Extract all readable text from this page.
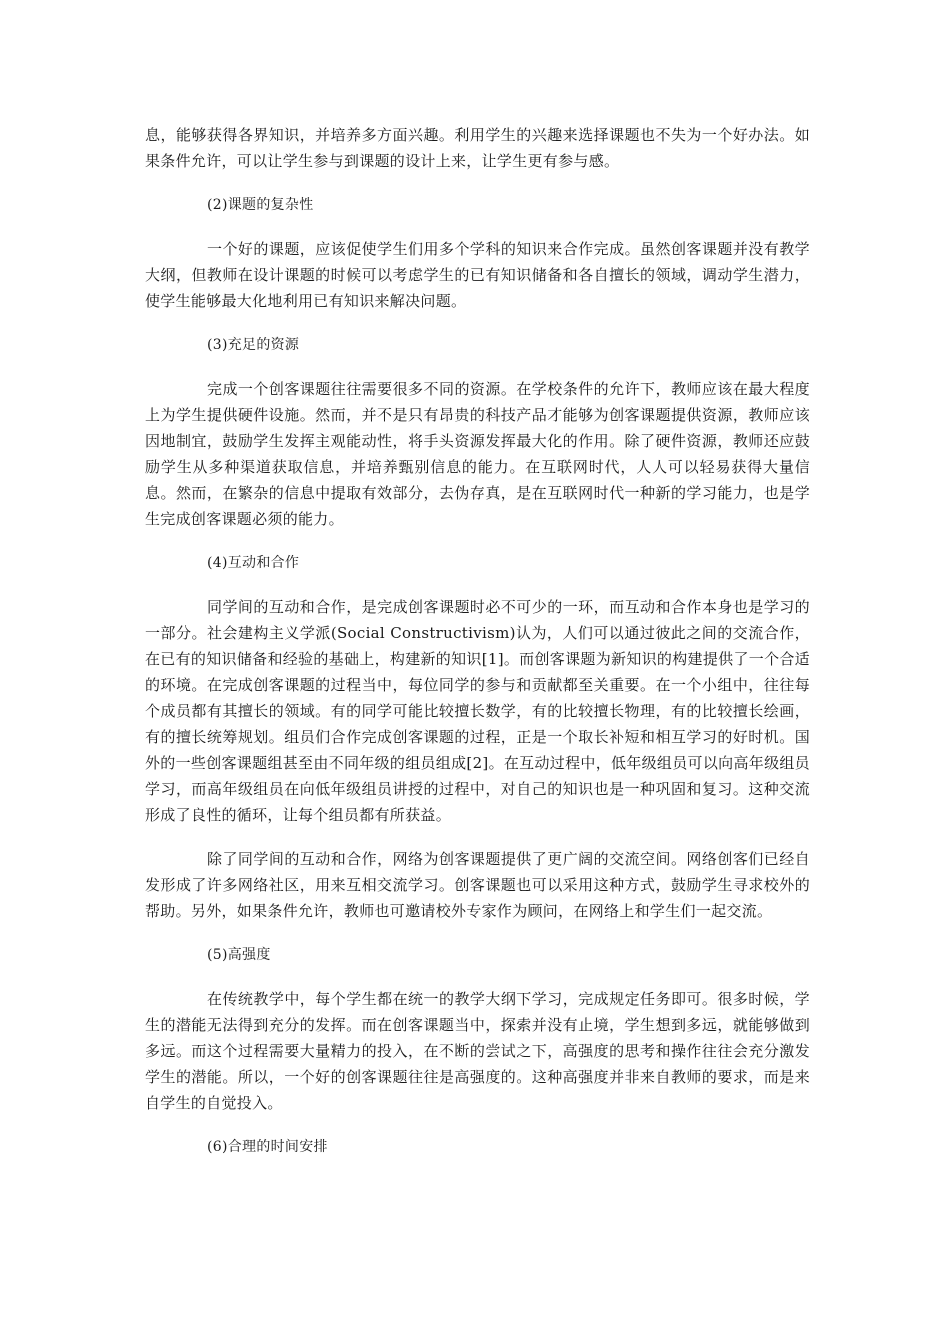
息，能够获得各界知识，并培养多方面兴趣。利用学生的兴趣来选择课题也不失为一个好办法。如果条件允许，可以让学生参与到课题的设计上来，让学生更有参与感。

(2)课题的复杂性

一个好的课题，应该促使学生们用多个学科的知识来合作完成。虽然创客课题并没有教学大纲，但教师在设计课题的时候可以考虑学生的已有知识储备和各自擅长的领域，调动学生潜力，使学生能够最大化地利用已有知识来解决问题。

(3)充足的资源

完成一个创客课题往往需要很多不同的资源。在学校条件的允许下，教师应该在最大程度上为学生提供硬件设施。然而，并不是只有昂贵的科技产品才能够为创客课题提供资源，教师应该因地制宜，鼓励学生发挥主观能动性，将手头资源发挥最大化的作用。除了硬件资源，教师还应鼓励学生从多种渠道获取信息，并培养甄别信息的能力。在互联网时代，人人可以轻易获得大量信息。然而，在繁杂的信息中提取有效部分，去伪存真，是在互联网时代一种新的学习能力，也是学生完成创客课题必须的能力。

(4)互动和合作

同学间的互动和合作，是完成创客课题时必不可少的一环，而互动和合作本身也是学习的一部分。社会建构主义学派(Social Constructivism)认为，人们可以通过彼此之间的交流合作，在已有的知识储备和经验的基础上，构建新的知识[1]。而创客课题为新知识的构建提供了一个合适的环境。在完成创客课题的过程当中，每位同学的参与和贡献都至关重要。在一个小组中，往往每个成员都有其擅长的领域。有的同学可能比较擅长数学，有的比较擅长物理，有的比较擅长绘画，有的擅长统筹规划。组员们合作完成创客课题的过程，正是一个取长补短和相互学习的好时机。国外的一些创客课题组甚至由不同年级的组员组成[2]。在互动过程中，低年级组员可以向高年级组员学习，而高年级组员在向低年级组员讲授的过程中，对自己的知识也是一种巩固和复习。这种交流形成了良性的循环，让每个组员都有所获益。

除了同学间的互动和合作，网络为创客课题提供了更广阔的交流空间。网络创客们已经自发形成了许多网络社区，用来互相交流学习。创客课题也可以采用这种方式，鼓励学生寻求校外的帮助。另外，如果条件允许，教师也可邀请校外专家作为顾问，在网络上和学生们一起交流。

(5)高强度

在传统教学中，每个学生都在统一的教学大纲下学习，完成规定任务即可。很多时候，学生的潜能无法得到充分的发挥。而在创客课题当中，探索并没有止境，学生想到多远，就能够做到多远。而这个过程需要大量精力的投入，在不断的尝试之下，高强度的思考和操作往往会充分激发学生的潜能。所以，一个好的创客课题往往是高强度的。这种高强度并非来自教师的要求，而是来自学生的自觉投入。

(6)合理的时间安排
